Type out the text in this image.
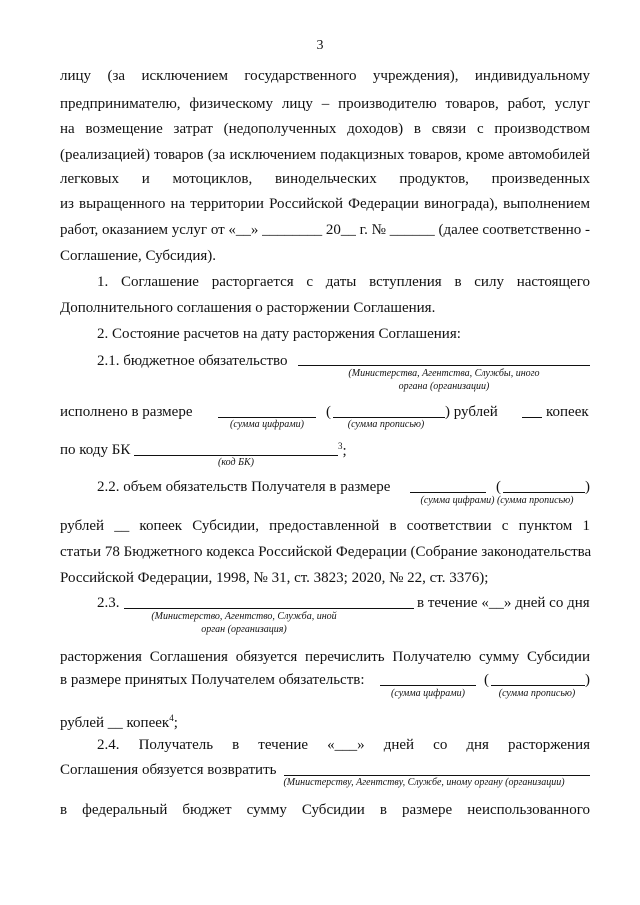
3
лицу (за исключением государственного учреждения), индивидуальному
предпринимателю, физическому лицу – производителю товаров, работ, услуг
на возмещение затрат (недополученных доходов) в связи с производством
(реализацией) товаров (за исключением подакцизных товаров, кроме автомобилей
легковых и мотоциклов, винодельческих продуктов, произведенных
из выращенного на территории Российской Федерации винограда), выполнением
работ, оказанием услуг от «__» ________ 20__ г. № ______ (далее соответственно -
Соглашение, Субсидия).
1. Соглашение расторгается с даты вступления в силу настоящего
Дополнительного соглашения о расторжении Соглашения.
2. Состояние расчетов на дату расторжения Соглашения:
2.1. бюджетное обязательство
(Министерства, Агентства, Службы, иного
органа (организации)
исполнено в размере	(	) рублей	копеек
(сумма цифрами)	(сумма прописью)
по коду БК	$^3$;
(код БК)
2.2. объем обязательств Получателя в размере	(	)
(сумма цифрами) (сумма прописью)
рублей __ копеек Субсидии, предоставленной в соответствии с пунктом 1
статьи 78 Бюджетного кодекса Российской Федерации (Собрание законодательства
Российской Федерации, 1998, № 31, ст. 3823; 2020, № 22, ст. 3376);
2.3.	в течение «__» дней со дня
(Министерство, Агентство, Служба, иной
орган (организация)
расторжения Соглашения обязуется перечислить Получателю сумму Субсидии
в размере принятых Получателем обязательств:	(	)
(сумма цифрами)	(сумма прописью)
рублей __ копеек$^4$;
2.4. Получатель в течение «___» дней со дня расторжения
Соглашения обязуется возвратить
(Министерству, Агентству, Службе, иному органу (организации)
в федеральный бюджет сумму Субсидии в размере неиспользованного
